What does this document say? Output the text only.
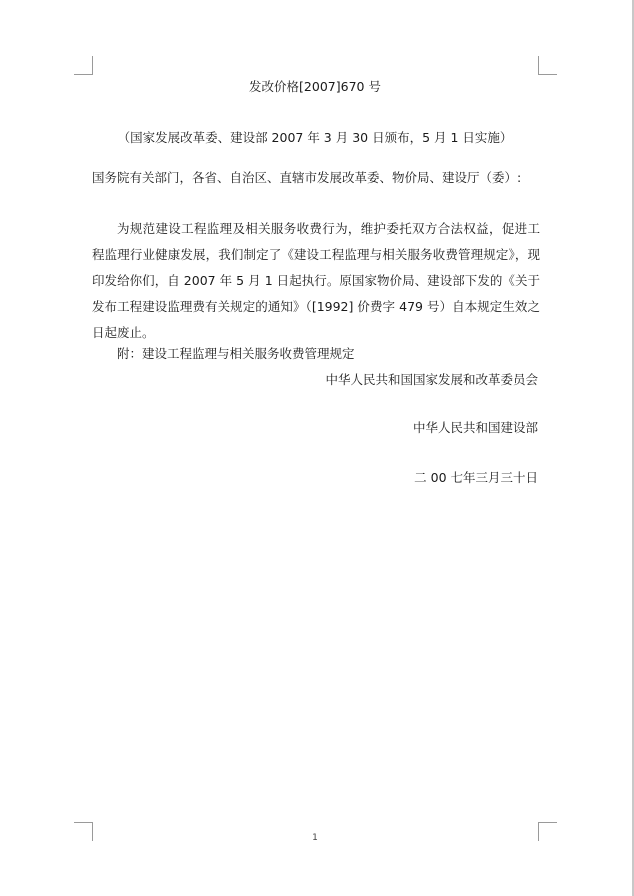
发改价格[2007]670 号
（国家发展改革委、建设部 2007 年 3 月 30 日颁布，5 月 1 日实施）
国务院有关部门，各省、自治区、直辖市发展改革委、物价局、建设厅（委）:
为规范建设工程监理及相关服务收费行为，维护委托双方合法权益，促进工程监理行业健康发展，我们制定了《建设工程监理与相关服务收费管理规定》，现印发给你们，自 2007 年 5 月 1 日起执行。原国家物价局、建设部下发的《关于发布工程建设监理费有关规定的通知》（[1992] 价费字 479 号）自本规定生效之日起废止。
附：建设工程监理与相关服务收费管理规定
中华人民共和国国家发展和改革委员会
中华人民共和国建设部
二 00 七年三月三十日
1
